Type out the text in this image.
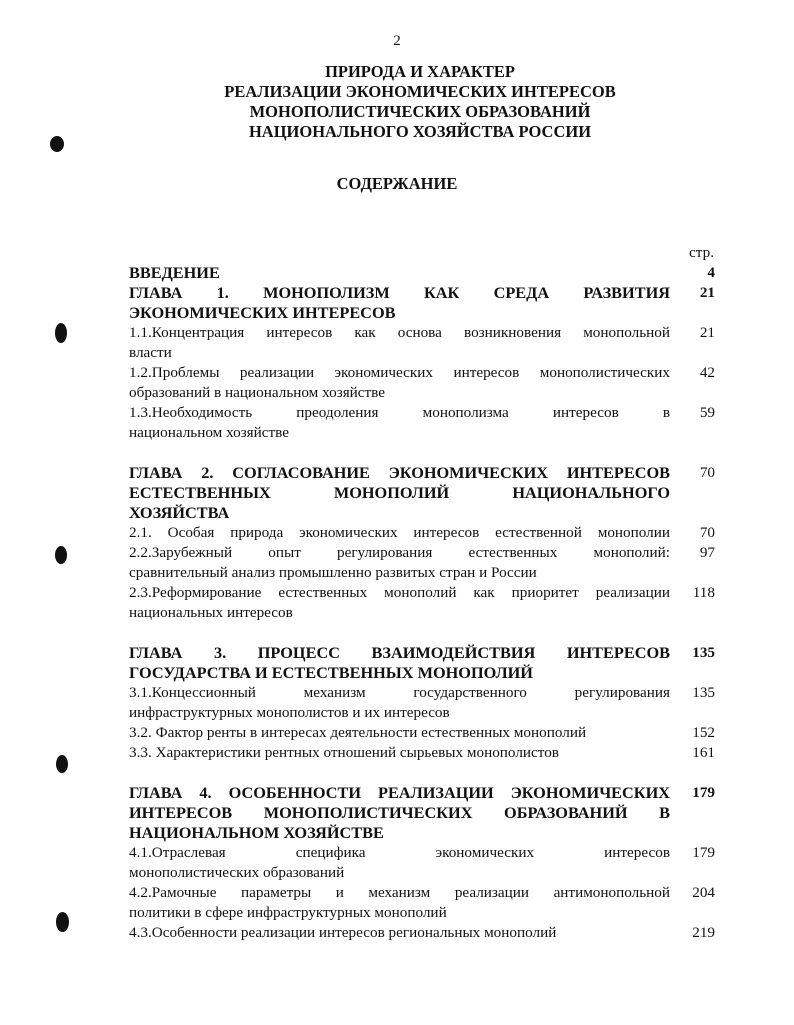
2
ПРИРОДА И ХАРАКТЕР
РЕАЛИЗАЦИИ ЭКОНОМИЧЕСКИХ ИНТЕРЕСОВ
МОНОПОЛИСТИЧЕСКИХ ОБРАЗОВАНИЙ
НАЦИОНАЛЬНОГО ХОЗЯЙСТВА РОССИИ
СОДЕРЖАНИЕ
стр.
ВВЕДЕНИЕ	4
ГЛАВА 1. МОНОПОЛИЗМ КАК СРЕДА РАЗВИТИЯ	21
ЭКОНОМИЧЕСКИХ ИНТЕРЕСОВ
1.1.Концентрация интересов как основа возникновения монопольной	21
власти
1.2.Проблемы реализации экономических интересов монополистических	42
образований в национальном хозяйстве
1.3.Необходимость преодоления монополизма интересов в	59
национальном хозяйстве
ГЛАВА 2. СОГЛАСОВАНИЕ ЭКОНОМИЧЕСКИХ ИНТЕРЕСОВ	70
ЕСТЕСТВЕННЫХ МОНОПОЛИЙ НАЦИОНАЛЬНОГО
ХОЗЯЙСТВА
2.1. Особая природа экономических интересов естественной монополии	70
2.2.Зарубежный опыт регулирования естественных монополий:	97
сравнительный анализ промышленно развитых стран и России
2.3.Реформирование естественных монополий как приоритет реализации	118
национальных интересов
ГЛАВА 3. ПРОЦЕСС ВЗАИМОДЕЙСТВИЯ ИНТЕРЕСОВ	135
ГОСУДАРСТВА И ЕСТЕСТВЕННЫХ МОНОПОЛИЙ
3.1.Концессионный механизм государственного регулирования	135
инфраструктурных монополистов и их интересов
3.2. Фактор ренты в интересах деятельности естественных монополий	152
3.3. Характеристики рентных отношений сырьевых монополистов	161
ГЛАВА 4. ОСОБЕННОСТИ РЕАЛИЗАЦИИ ЭКОНОМИЧЕСКИХ	179
ИНТЕРЕСОВ МОНОПОЛИСТИЧЕСКИХ ОБРАЗОВАНИЙ В
НАЦИОНАЛЬНОМ ХОЗЯЙСТВЕ
4.1.Отраслевая специфика экономических интересов	179
монополистических образований
4.2.Рамочные параметры и механизм реализации антимонопольной	204
политики в сфере инфраструктурных монополий
4.3.Особенности реализации интересов региональных монополий	219
